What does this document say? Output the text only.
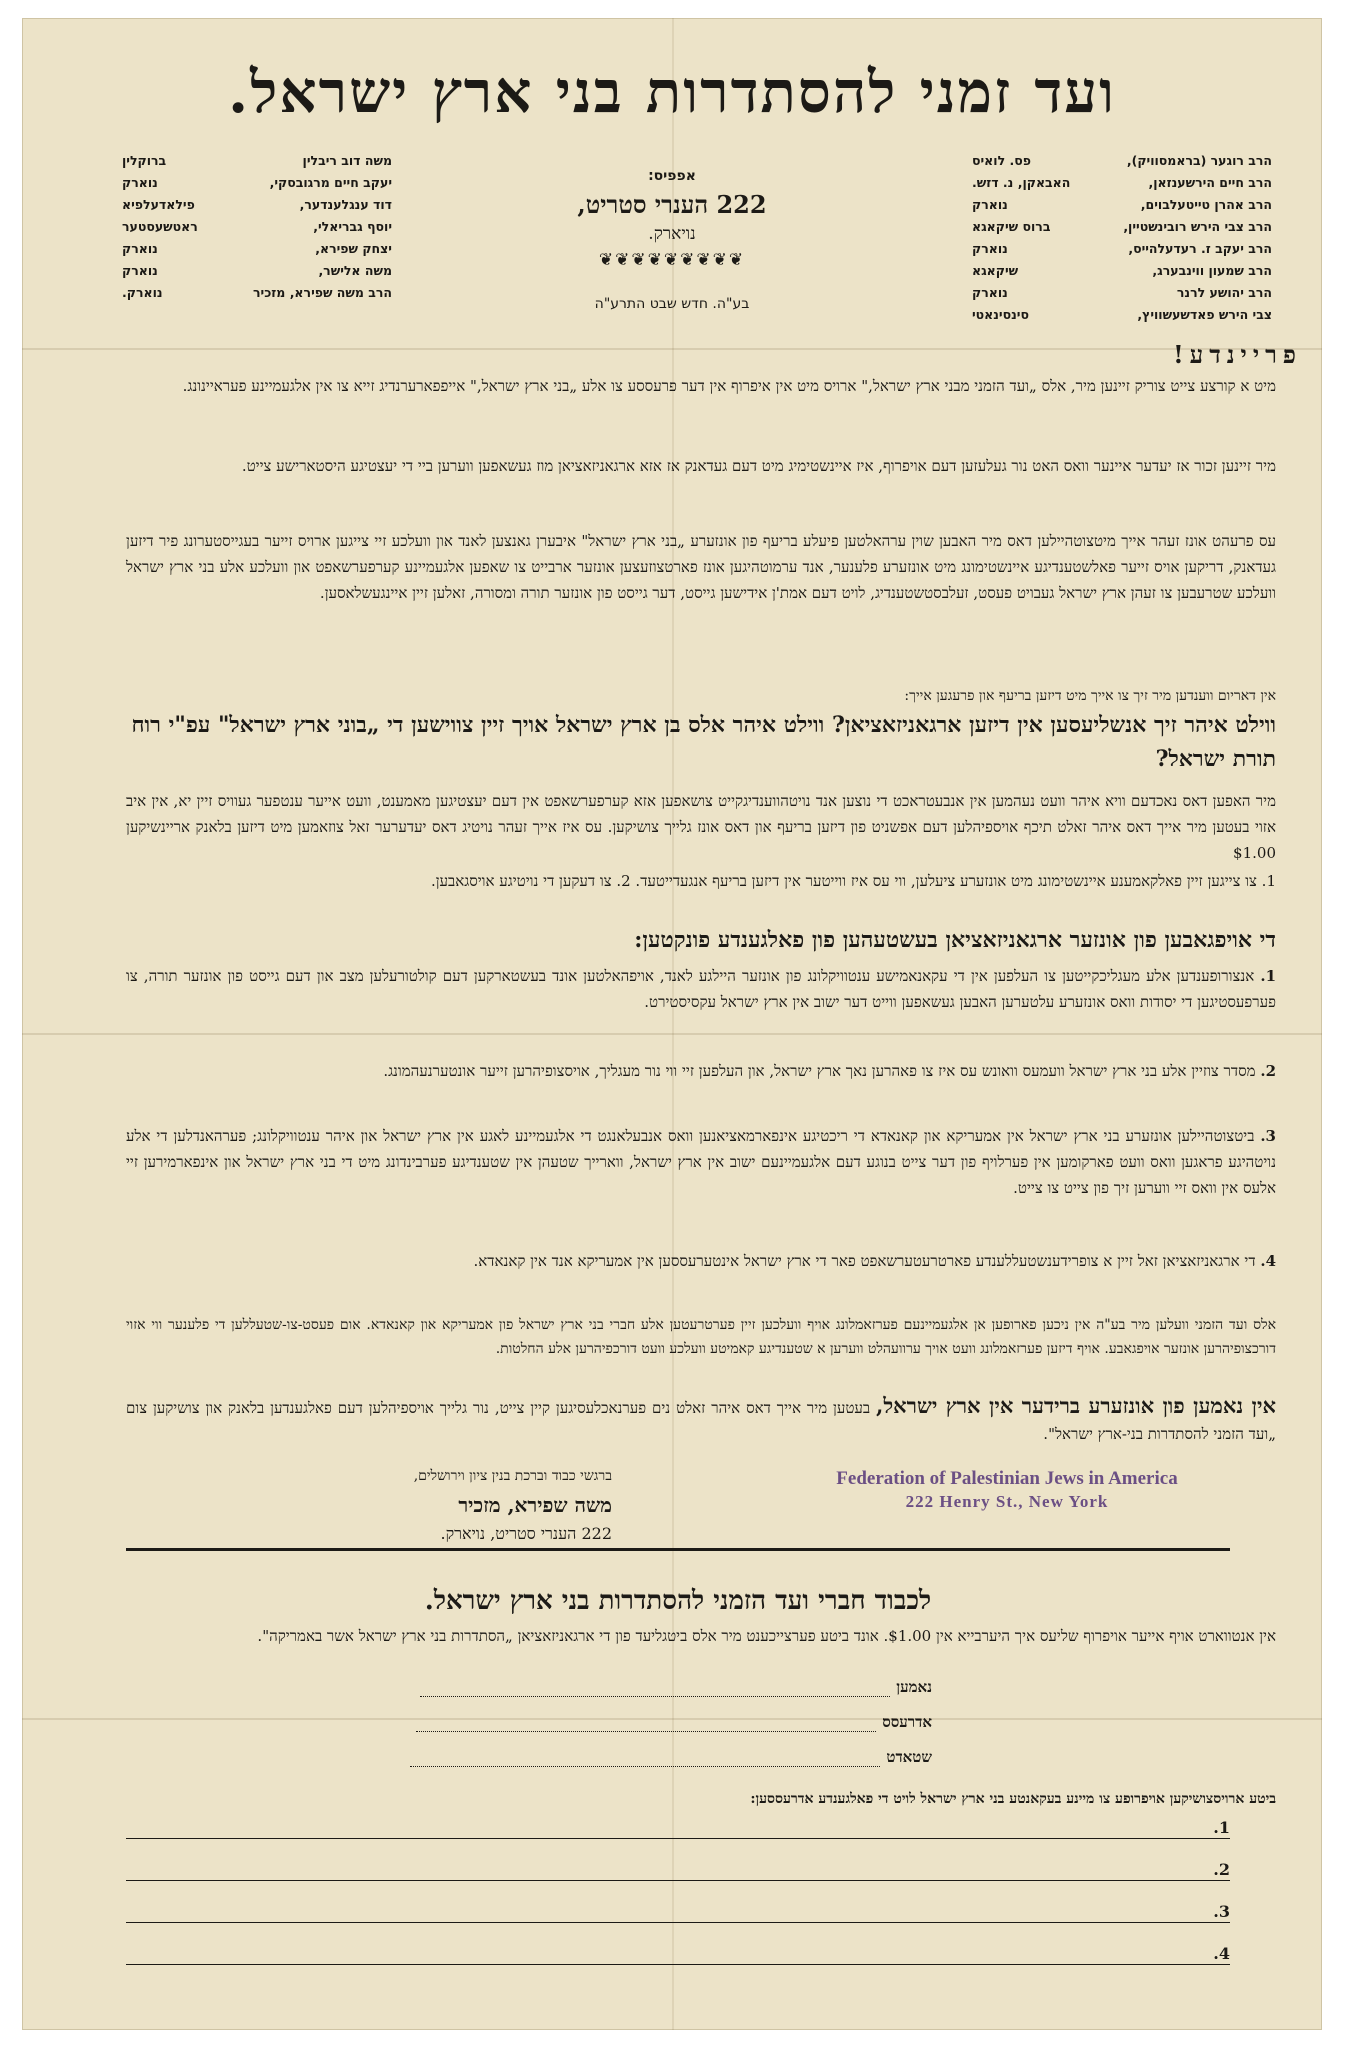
ועד זמני להסתדרות בני ארץ ישראל.
הרב רוגער (בראמסוויק),
פס. לואיס
הרב חיים הירשענזאן,
האבאקן, נ. דזש.
הרב אהרן טייטעלבוים,
נוארק
הרב צבי הירש רובינשטיין,
ברוס שיקאגא
הרב יעקב ז. רעדעלהייס,
נוארק
הרב שמעון ווינבערג,
שיקאגא
הרב יהושע לרנר
נוארק
צבי הירש פאדשעשוויץ,
סינסינאטי
משה דוב ריבלין
ברוקלין
יעקב חיים מרגובסקי,
נוארק
דוד ענגלענדער,
פילאדעלפיא
יוסף גבריאלי,
ראטשעסטער
יצחק שפירא,
נוארק
משה אלישר,
נוארק
הרב משה שפירא, מזכיר
נוארק.
אפפיס:
222 הענרי סטריט,
נויארק.
❦❦❦❦❦❦❦❦❦
בע"ה. חדש שבט התרע"ה
פריינדע!
מיט א קורצע צייט צוריק זיינען מיר, אלס „ועד הזמני מבני ארץ ישראל," ארויס מיט אין איפרוף אין דער פרעססע צו אלע „בני ארץ ישראל," אייפפארערנדיג זייא צו אין אלגעמיינע פעראיינונג.
מיר זיינען זכור אז יעדער איינער וואס האט נור געלעזען דעם אויפרוף, איז איינשטימיג מיט דעם געדאנק אז אזא ארגאניזאציאן מוז געשאפען ווערען ביי די יעצטיגע היסטארישע צייט.
עס פרעהט אונז זעהר אייך מיטצוטהיילען דאס מיר האבען שוין ערהאלטען פיעלע בריעף פון אונזערע „בני ארץ ישראל" איבערן גאנצען לאנד און וועלכע זיי צייגען ארויס זייער בעגייסטערונג פיר דיזען געדאנק, דריקען אויס זייער פאלשטענדיגע איינשטימונג מיט אונזערע פלענער, אנד ערמוטהיגען אונז פארטצוזעצען אונזער ארבייט צו שאפען אלגעמיינע קערפערשאפט און וועלכע אלע בני ארץ ישראל וועלכע שטרעבען צו זעהן ארץ ישראל געבויט פעסט, זעלבסטשטענדיג, לויט דעם אמת'ן אידישען גייסט, דער גייסט פון אונזער תורה ומסורה, זאלען זיין איינגעשלאסען.
אין דאריום ווענדען מיר זיך צו אייך מיט דיזען בריעף און פרעגען אייך:
ווילט איהר זיך אנשליעסען אין דיזען ארגאניזאציאן? ווילט איהר אלס בן ארץ ישראל אויך זיין צווישען די „בוני ארץ ישראל" עפ"י רוח תורת ישראל?
מיר האפען דאס נאכדעם וויא איהר וועט נעהמען אין אנבעטראכט די נוצען אנד נויטהווענדיגקייט צושאפען אזא קערפערשאפט אין דעם יעצטיגען מאמענט, וועט אייער ענטפער געוויס זיין יא, אין איב אזוי בעטען מיר אייך דאס איהר זאלט תיכף אויספיהלען דעם אפשניט פון דיזען בריעף און דאס אונז גלייך צושיקען. עס איז אייך זעהר נויטיג דאס יעדערער זאל צוזאמען מיט דיזען בלאנק אריינשיקען $1.00
1. צו צייגען זיין פאלקאמענע איינשטימונג מיט אונזערע ציעלען, ווי עס איז ווייטער אין דיזען בריעף אנגעדייטעד. 2. צו דעקען די נויטיגע אויסגאבען.
די אויפגאבען פון אונזער ארגאניזאציאן בעשטעהען פון פאלגענדע פונקטען:
1. אנצורופענדען אלע מעגליכקייטען צו העלפען אין די עקאנאמישע ענטוויקלונג פון אונזער היילגע לאנד, אויפהאלטען אונד בעשטארקען דעם קולטורעלען מצב און דעם גייסט פון אונזער תורה, צו פערפעסטיגען די יסודות וואס אונזערע עלטערען האבען געשאפען ווייט דער ישוב אין ארץ ישראל עקסיסטירט.
2. מסדר צוזיין אלע בני ארץ ישראל וועמעס וואונש עס איז צו פאהרען נאך ארץ ישראל, און העלפען זיי ווי נור מעגליך, אויסצופיהרען זייער אונטערנעהמונג.
3. ביטצוטהיילען אונזערע בני ארץ ישראל אין אמעריקא און קאנאדא די ריכטיגע אינפארמאציאנען וואס אנבעלאנגט די אלגעמיינע לאגע אין ארץ ישראל און איהר ענטוויקלונג; פערהאנדלען די אלע נויטהיגע פראגען וואס וועט פארקומען אין פערלויף פון דער צייט בנוגע דעם אלגעמיינעם ישוב אין ארץ ישראל, ווארייך שטעהן אין שטענדיגע פערבינדונג מיט די בני ארץ ישראל און אינפארמירען זיי אלעס אין וואס זיי ווערען זיך פון צייט צו צייט.
4. די ארגאניזאציאן זאל זיין א צופרידענשטעללענדע פארטרעטערשאפט פאר די ארץ ישראל אינטערעססען אין אמעריקא אנד אין קאנאדא.
אלס ועד הזמני וועלען מיר בע"ה אין ניכען פארופען אן אלגעמיינעם פערזאמלונג אויף וועלכען זיין פערטרעטען אלע חברי בני ארץ ישראל פון אמעריקא און קאנאדא. אום פעסט-צו-שטעללען די פלענער ווי אזוי דורכצופיהרען אונזער אויפגאבע. אויף דיזען פערזאמלונג וועט אויך ערוועהלט ווערען א שטענדיגע קאמיטע וועלכע וועט דורכפיהרען אלע החלטות.
אין נאמען פון אונזערע ברידער אין ארץ ישראל, בעטען מיר אייך דאס איהר זאלט נים פערנאכלעסיגען קיין צייט, נור גלייך אויספיהלען דעם פאלגענדען בלאנק און צושיקען צום „ועד הזמני להסתדרות בני-ארץ ישראל".
ברגשי כבוד וברכת בנין ציון וירושלים,
משה שפירא, מזכיר
222 הענרי סטריט, נויארק.
Federation of Palestinian Jews in America
222 Henry St., New York
לכבוד חברי ועד הזמני להסתדרות בני ארץ ישראל.
אין אנטווארט אויף אייער אויפרוף שליעס איך היערבייא אין $1.00. אונד ביטע פערצייכענט מיר אלס ביטגליעד פון די ארגאניזאציאן „הסתדרות בני ארץ ישראל אשר באמריקה".
נאמען
אדרעסס
שטאדט
ביטע ארויסצושיקען אויפרופע צו מיינע בעקאנטע בני ארץ ישראל לויט די פאלגענדע אדרעססען:
1.
2.
3.
4.
